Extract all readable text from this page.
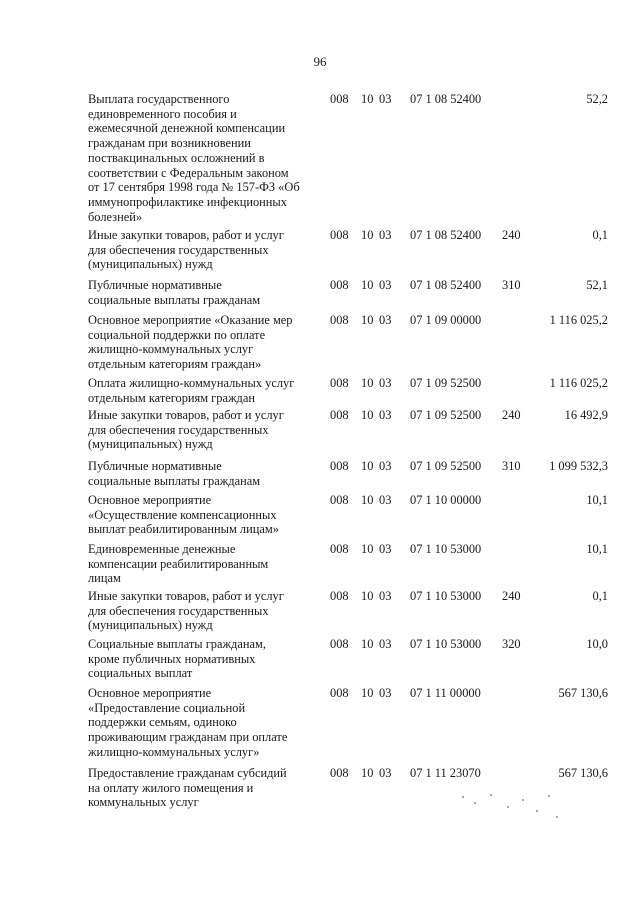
96
Выплата государственного
единовременного пособия и
ежемесячной денежной компенсации
гражданам при возникновении
поствакцинальных осложнений в
соответствии с Федеральным законом
от 17 сентября 1998 года № 157-ФЗ «Об
иммунопрофилактике инфекционных
болезней»
008 10 03 07 1 08 52400	52,2
Иные закупки товаров, работ и услуг
для обеспечения государственных
(муниципальных) нужд
008 10 03 07 1 08 52400 240	0,1
Публичные нормативные
социальные выплаты гражданам
008 10 03 07 1 08 52400 310	52,1
Основное мероприятие «Оказание мер
социальной поддержки по оплате
жилищно-коммунальных услуг
отдельным категориям граждан»
008 10 03 07 1 09 00000	1 116 025,2
Оплата жилищно-коммунальных услуг
отдельным категориям граждан
008 10 03 07 1 09 52500	1 116 025,2
Иные закупки товаров, работ и услуг
для обеспечения государственных
(муниципальных) нужд
008 10 03 07 1 09 52500 240	16 492,9
Публичные нормативные
социальные выплаты гражданам
008 10 03 07 1 09 52500 310	1 099 532,3
Основное мероприятие
«Осуществление компенсационных
выплат реабилитированным лицам»
008 10 03 07 1 10 00000	10,1
Единовременные денежные
компенсации реабилитированным
лицам
008 10 03 07 1 10 53000	10,1
Иные закупки товаров, работ и услуг
для обеспечения государственных
(муниципальных) нужд
008 10 03 07 1 10 53000 240	0,1
Социальные выплаты гражданам,
кроме публичных нормативных
социальных выплат
008 10 03 07 1 10 53000 320	10,0
Основное мероприятие
«Предоставление социальной
поддержки семьям, одиноко
проживающим гражданам при оплате
жилищно-коммунальных услуг»
008 10 03 07 1 11 00000	567 130,6
Предоставление гражданам субсидий
на оплату жилого помещения и
коммунальных услуг
008 10 03 07 1 11 23070	567 130,6
